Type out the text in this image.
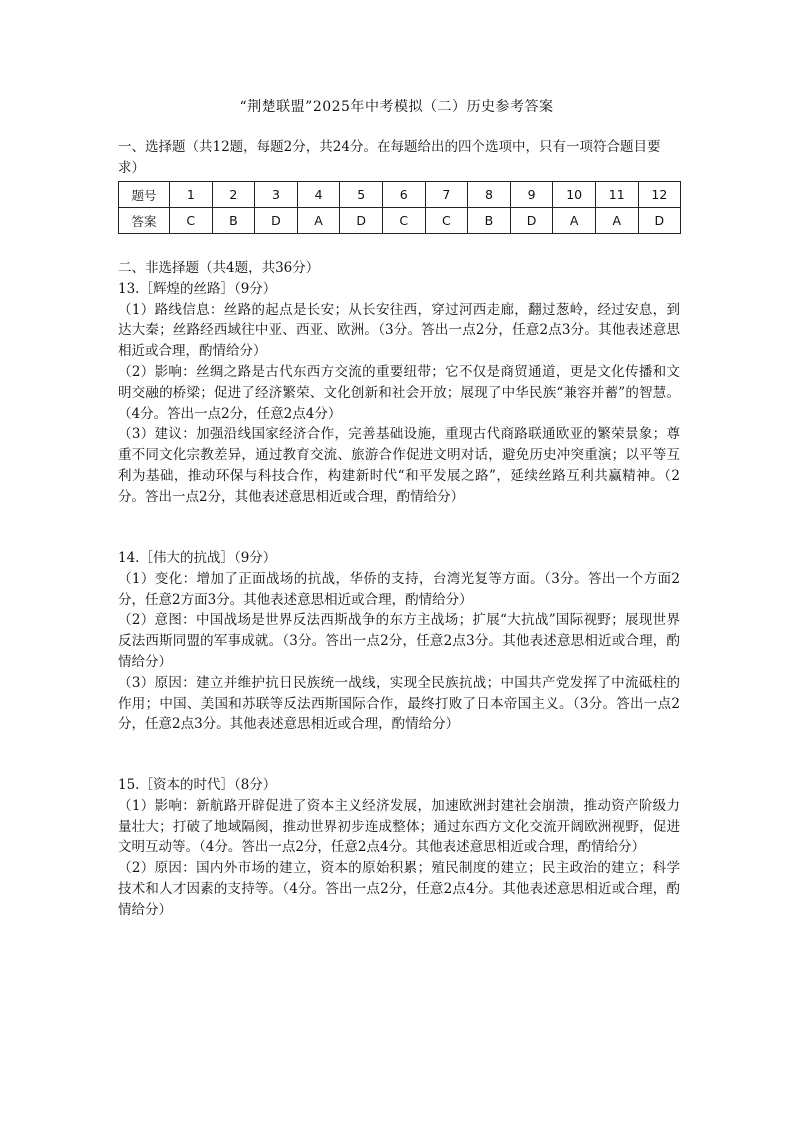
“荆楚联盟”2025年中考模拟（二）历史参考答案
一、选择题（共12题，每题2分，共24分。在每题给出的四个选项中，只有一项符合题目要求）
题号	1	2	3	4	5	6	7	8	9	10	11	12
答案	C	B	D	A	D	C	C	B	D	A	A	D

二、非选择题（共4题，共36分）

13.［辉煌的丝路］（9分）

（1）路线信息：丝路的起点是长安；从长安往西，穿过河西走廊，翻过葱岭，经过安息，到达大秦；丝路经西域往中亚、西亚、欧洲。（3分。答出一点2分，任意2点3分。其他表述意思相近或合理，酌情给分）

（2）影响：丝绸之路是古代东西方交流的重要纽带；它不仅是商贸通道，更是文化传播和文明交融的桥梁；促进了经济繁荣、文化创新和社会开放；展现了中华民族“兼容并蓄”的智慧。（4分。答出一点2分，任意2点4分）

（3）建议：加强沿线国家经济合作，完善基础设施，重现古代商路联通欧亚的繁荣景象；尊重不同文化宗教差异，通过教育交流、旅游合作促进文明对话，避免历史冲突重演；以平等互利为基础，推动环保与科技合作，构建新时代“和平发展之路”，延续丝路互利共赢精神。（2分。答出一点2分，其他表述意思相近或合理，酌情给分）

14.［伟大的抗战］（9分）

（1）变化：增加了正面战场的抗战，华侨的支持，台湾光复等方面。（3分。答出一个方面2分，任意2方面3分。其他表述意思相近或合理，酌情给分）

（2）意图：中国战场是世界反法西斯战争的东方主战场；扩展“大抗战”国际视野；展现世界反法西斯同盟的军事成就。（3分。答出一点2分，任意2点3分。其他表述意思相近或合理，酌情给分）

（3）原因：建立并维护抗日民族统一战线，实现全民族抗战；中国共产党发挥了中流砥柱的作用；中国、美国和苏联等反法西斯国际合作，最终打败了日本帝国主义。（3分。答出一点2分，任意2点3分。其他表述意思相近或合理，酌情给分）

15.［资本的时代］（8分）

（1）影响：新航路开辟促进了资本主义经济发展，加速欧洲封建社会崩溃，推动资产阶级力量壮大；打破了地域隔阂，推动世界初步连成整体；通过东西方文化交流开阔欧洲视野，促进文明互动等。（4分。答出一点2分，任意2点4分。其他表述意思相近或合理，酌情给分）

（2）原因：国内外市场的建立，资本的原始积累；殖民制度的建立；民主政治的建立；科学技术和人才因素的支持等。（4分。答出一点2分，任意2点4分。其他表述意思相近或合理，酌情给分）
